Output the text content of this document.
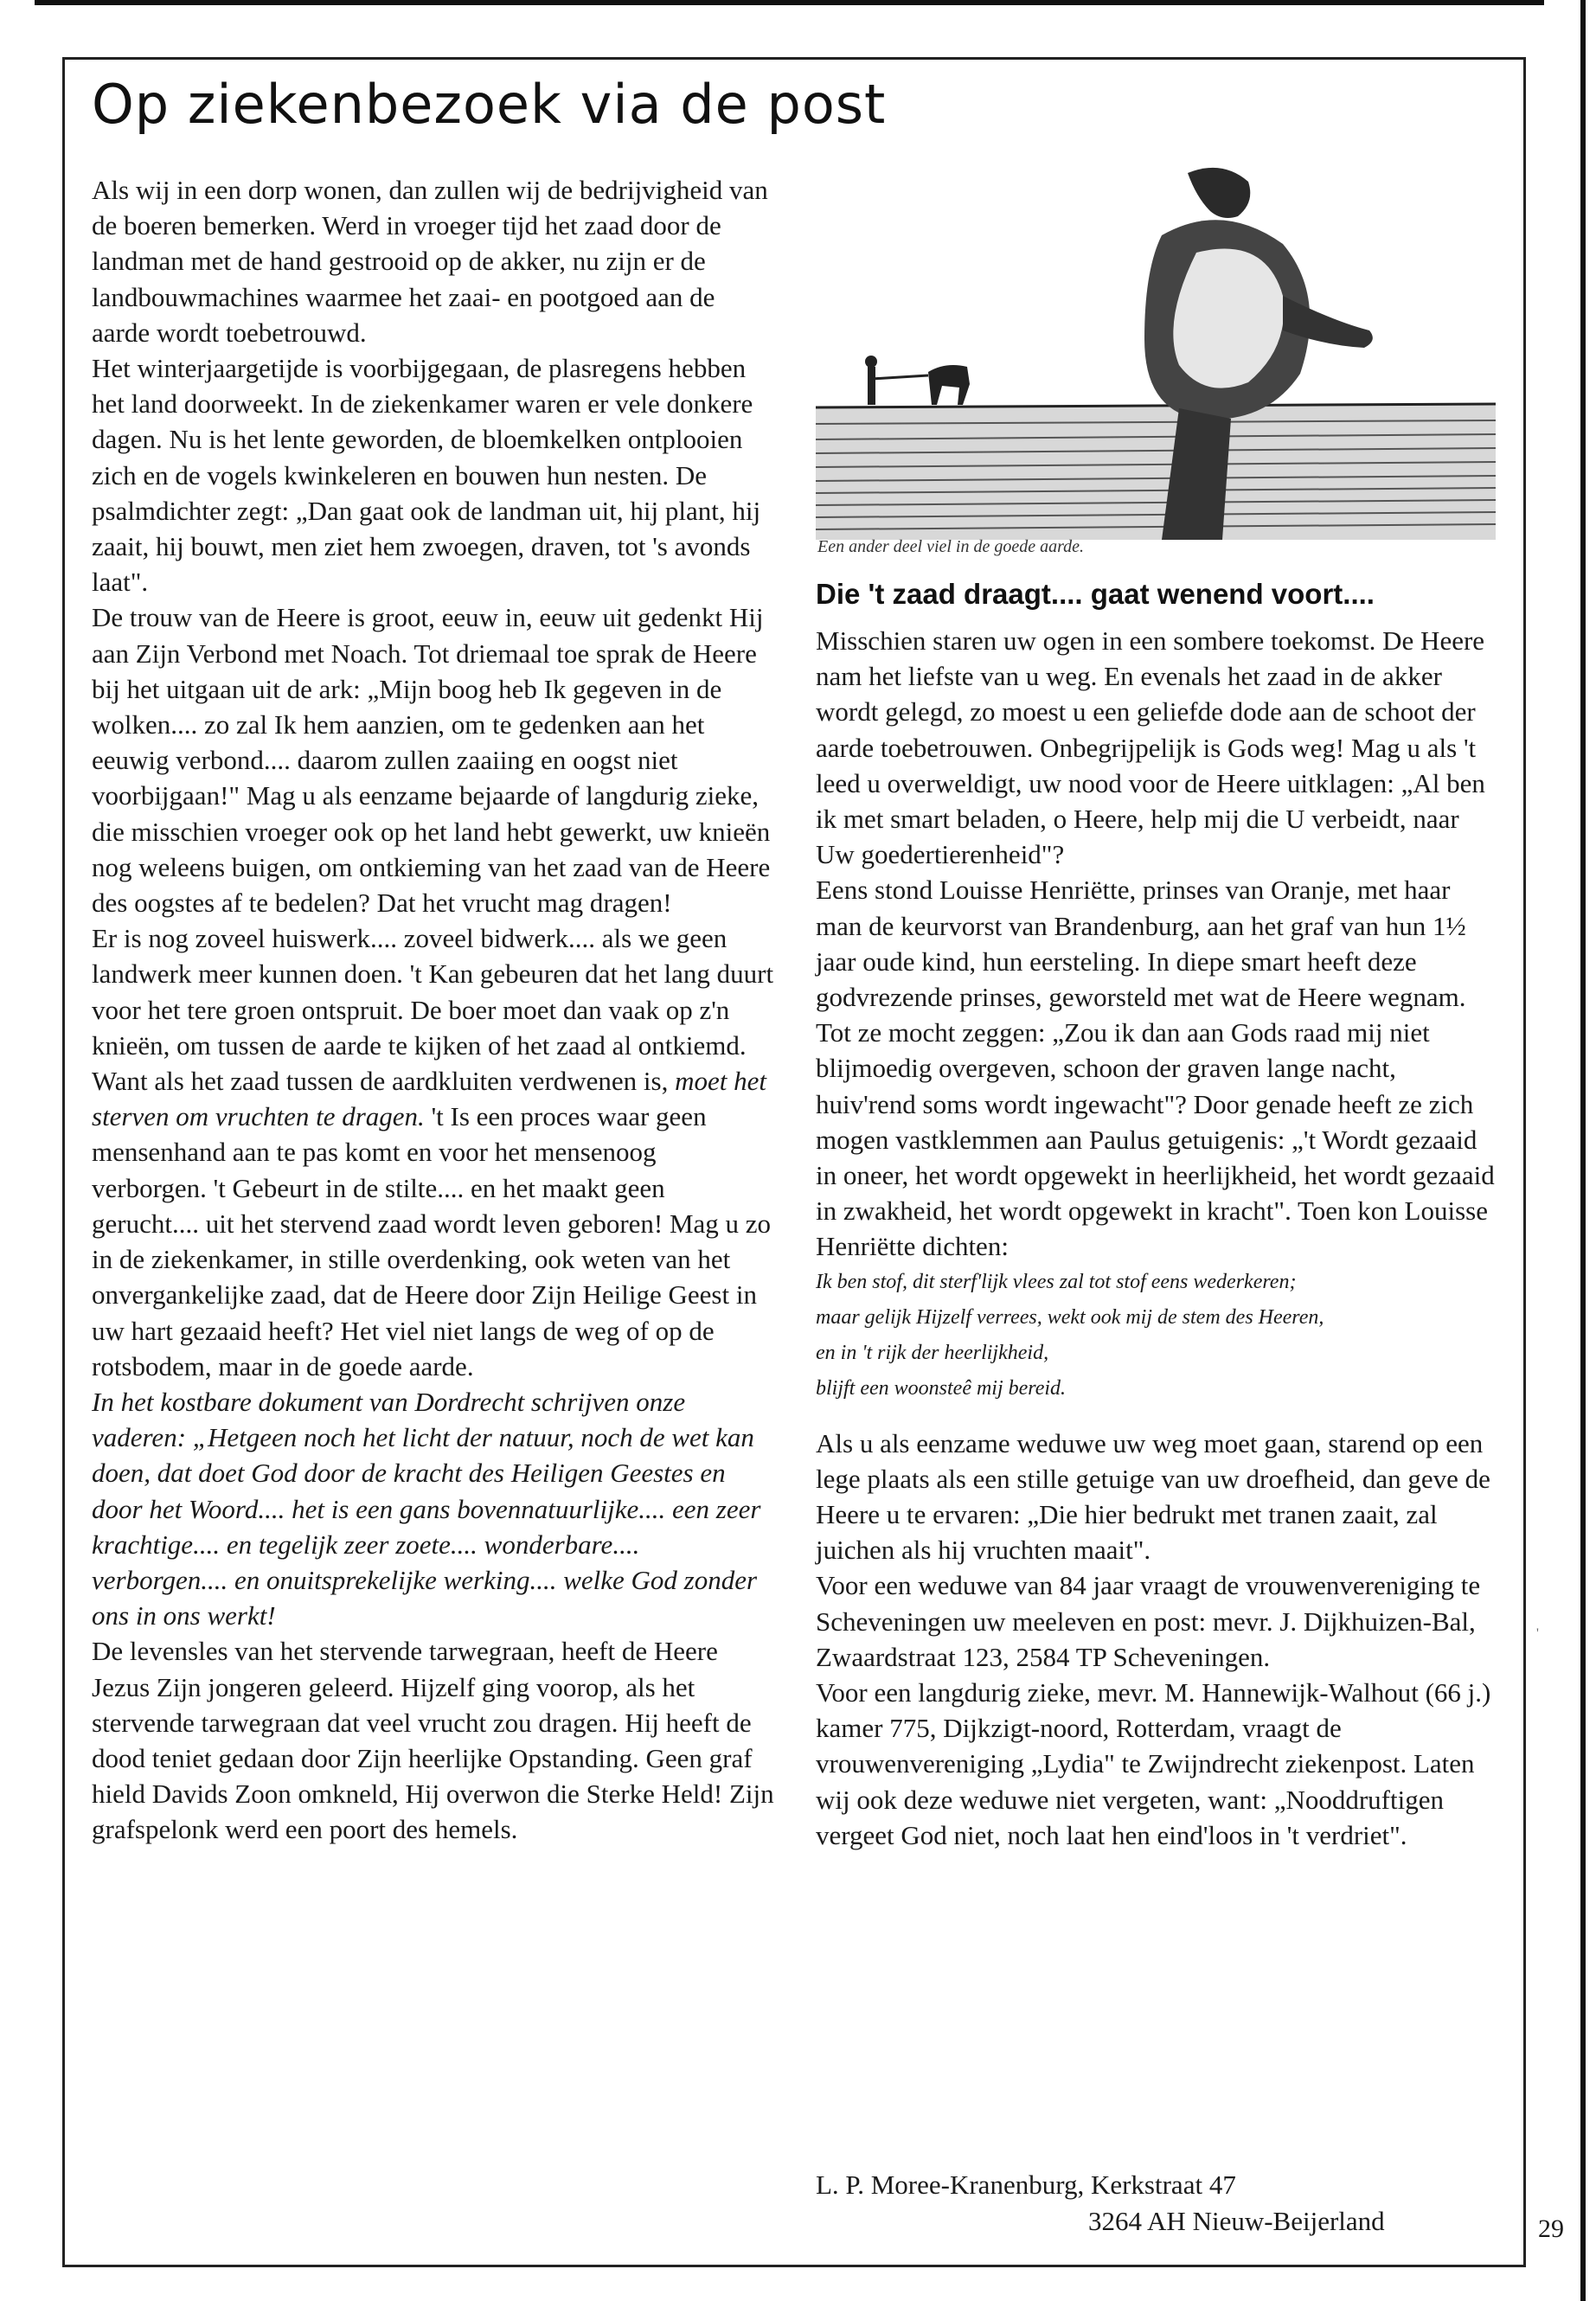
Op ziekenbezoek via de post

Als wij in een dorp wonen, dan zullen wij de bedrijvigheid van de boeren bemerken. Werd in vroeger tijd het zaad door de landman met de hand gestrooid op de akker, nu zijn er de landbouwmachines waarmee het zaai- en pootgoed aan de aarde wordt toebetrouwd.

Het winterjaargetijde is voorbijgegaan, de plasregens hebben het land doorweekt. In de ziekenkamer waren er vele donkere dagen. Nu is het lente geworden, de bloemkelken ontplooien zich en de vogels kwinkeleren en bouwen hun nesten. De psalmdichter zegt: „Dan gaat ook de landman uit, hij plant, hij zaait, hij bouwt, men ziet hem zwoegen, draven, tot 's avonds laat".

De trouw van de Heere is groot, eeuw in, eeuw uit gedenkt Hij aan Zijn Verbond met Noach. Tot driemaal toe sprak de Heere bij het uitgaan uit de ark: „Mijn boog heb Ik gegeven in de wolken.... zo zal Ik hem aanzien, om te gedenken aan het eeuwig verbond.... daarom zullen zaaiing en oogst niet voorbijgaan!" Mag u als eenzame bejaarde of langdurig zieke, die misschien vroeger ook op het land hebt gewerkt, uw knieën nog weleens buigen, om ontkieming van het zaad van de Heere des oogstes af te bedelen? Dat het vrucht mag dragen!

Er is nog zoveel huiswerk.... zoveel bidwerk.... als we geen landwerk meer kunnen doen. 't Kan gebeuren dat het lang duurt voor het tere groen ontspruit. De boer moet dan vaak op z'n knieën, om tussen de aarde te kijken of het zaad al ontkiemd. Want als het zaad tussen de aardkluiten verdwenen is, moet het sterven om vruchten te dragen. 't Is een proces waar geen mensenhand aan te pas komt en voor het mensenoog verborgen. 't Gebeurt in de stilte.... en het maakt geen gerucht.... uit het stervend zaad wordt leven geboren! Mag u zo in de ziekenkamer, in stille overdenking, ook weten van het onvergankelijke zaad, dat de Heere door Zijn Heilige Geest in uw hart gezaaid heeft? Het viel niet langs de weg of op de rotsbodem, maar in de goede aarde.

In het kostbare dokument van Dordrecht schrijven onze vaderen: „Hetgeen noch het licht der natuur, noch de wet kan doen, dat doet God door de kracht des Heiligen Geestes en door het Woord.... het is een gans bovennatuurlijke.... een zeer krachtige.... en tegelijk zeer zoete.... wonderbare.... verborgen.... en onuitsprekelijke werking.... welke God zonder ons in ons werkt!

De levensles van het stervende tarwegraan, heeft de Heere Jezus Zijn jongeren geleerd. Hijzelf ging voorop, als het stervende tarwegraan dat veel vrucht zou dragen. Hij heeft de dood teniet gedaan door Zijn heerlijke Opstanding. Geen graf hield Davids Zoon omkneld, Hij overwon die Sterke Held! Zijn grafspelonk werd een poort des hemels.

Een ander deel viel in de goede aarde.

Die 't zaad draagt.... gaat wenend voort....

Misschien staren uw ogen in een sombere toekomst. De Heere nam het liefste van u weg. En evenals het zaad in de akker wordt gelegd, zo moest u een geliefde dode aan de schoot der aarde toebetrouwen. Onbegrijpelijk is Gods weg! Mag u als 't leed u overweldigt, uw nood voor de Heere uitklagen: „Al ben ik met smart beladen, o Heere, help mij die U verbeidt, naar Uw goedertierenheid"?

Eens stond Louisse Henriëtte, prinses van Oranje, met haar man de keurvorst van Brandenburg, aan het graf van hun 1½ jaar oude kind, hun eersteling. In diepe smart heeft deze godvrezende prinses, geworsteld met wat de Heere wegnam. Tot ze mocht zeggen: „Zou ik dan aan Gods raad mij niet blijmoedig overgeven, schoon der graven lange nacht, huiv'rend soms wordt ingewacht"? Door genade heeft ze zich mogen vastklemmen aan Paulus getuigenis: „'t Wordt gezaaid in oneer, het wordt opgewekt in heerlijkheid, het wordt gezaaid in zwakheid, het wordt opgewekt in kracht". Toen kon Louisse Henriëtte dichten:

Ik ben stof, dit sterf'lijk vlees zal tot stof eens wederkeren;
maar gelijk Hijzelf verrees, wekt ook mij de stem des Heeren,
en in 't rijk der heerlijkheid,
blijft een woonsteê mij bereid.

Als u als eenzame weduwe uw weg moet gaan, starend op een lege plaats als een stille getuige van uw droefheid, dan geve de Heere u te ervaren: „Die hier bedrukt met tranen zaait, zal juichen als hij vruchten maait".

Voor een weduwe van 84 jaar vraagt de vrouwenvereniging te Scheveningen uw meeleven en post: mevr. J. Dijkhuizen-Bal, Zwaardstraat 123, 2584 TP Scheveningen.

Voor een langdurig zieke, mevr. M. Hannewijk-Walhout (66 j.) kamer 775, Dijkzigt-noord, Rotterdam, vraagt de vrouwenvereniging „Lydia" te Zwijndrecht ziekenpost. Laten wij ook deze weduwe niet vergeten, want: „Nooddruftigen vergeet God niet, noch laat hen eind'loos in 't verdriet".

L. P. Moree-Kranenburg, Kerkstraat 47
3264 AH Nieuw-Beijerland
'
29
